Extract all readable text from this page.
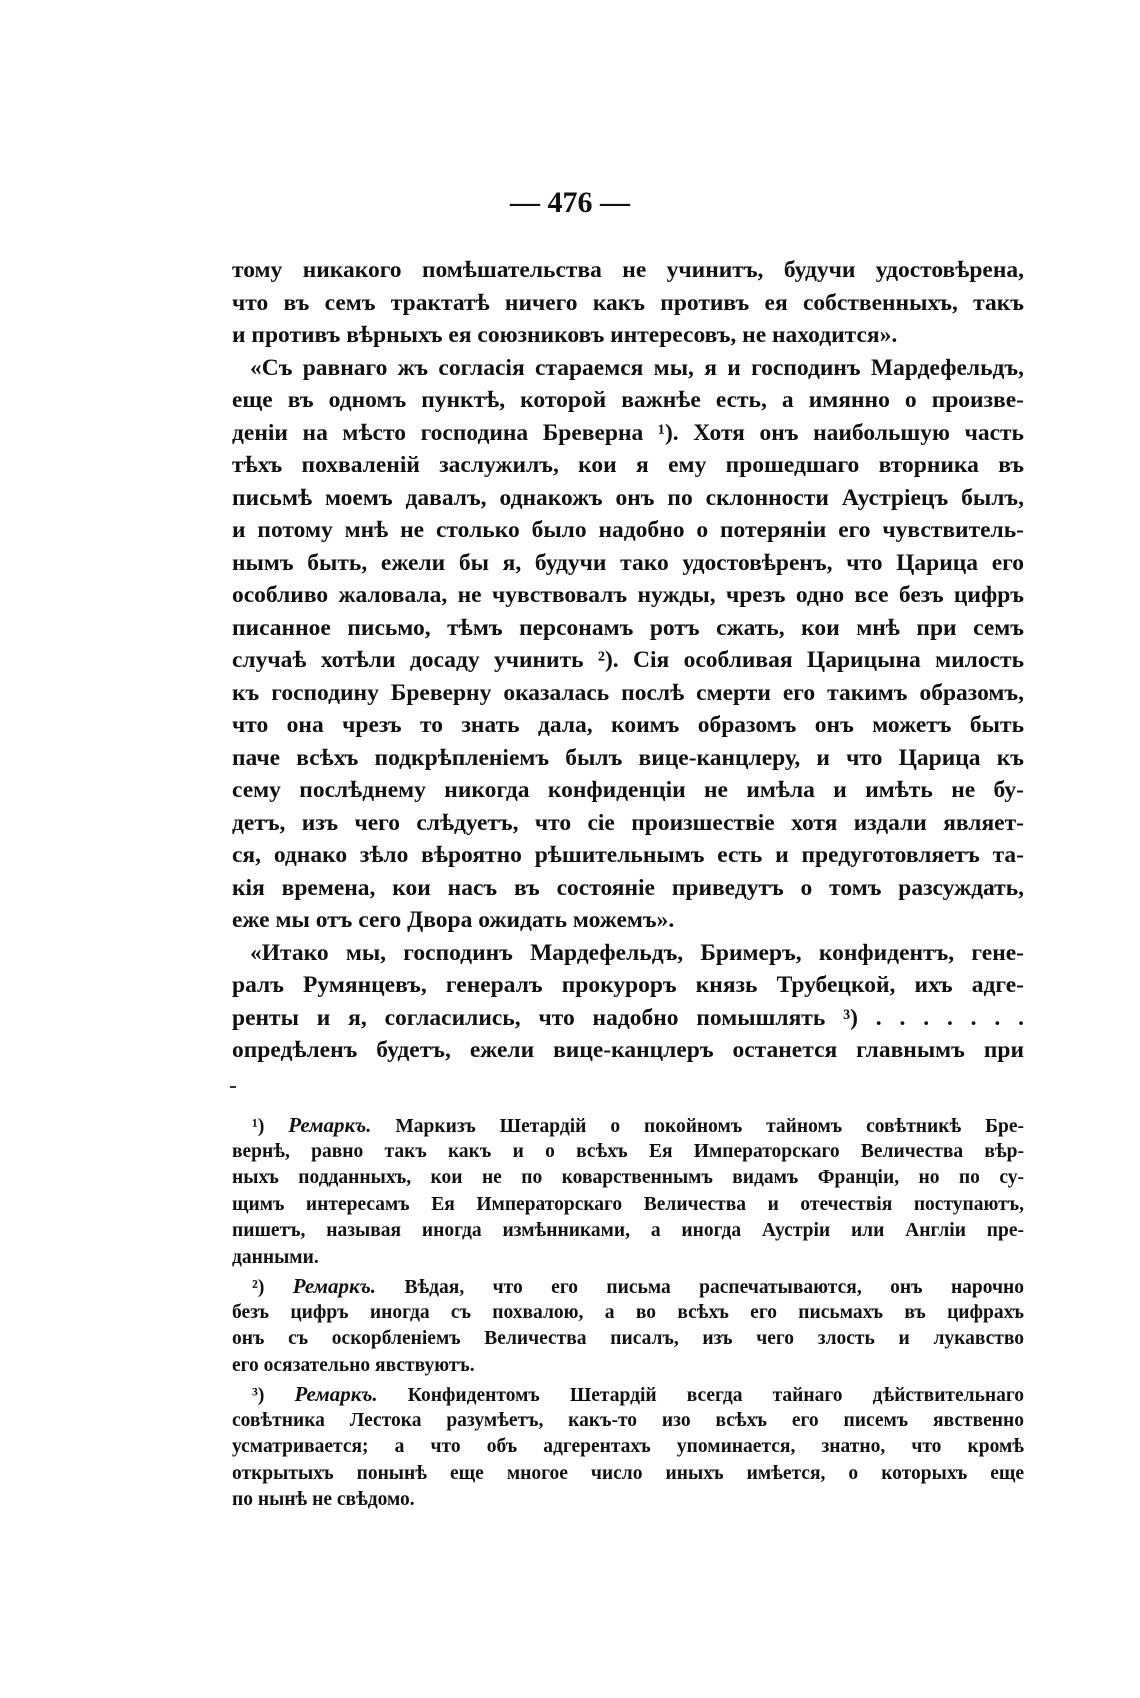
— 476 —
тому никакого помѣшательства не учинитъ, будучи удостовѣрена,
что въ семъ трактатѣ ничего какъ противъ ея собственныхъ, такъ
и противъ вѣрныхъ ея союзниковъ интересовъ, не находится».
«Съ равнаго жъ согласія стараемся мы, я и господинъ Мардефельдъ,
еще въ одномъ пунктѣ, которой важнѣе есть, а имянно о произве-
деніи на мѣсто господина Бреверна ¹). Хотя онъ наибольшую часть
тѣхъ похваленій заслужилъ, кои я ему прошедшаго вторника въ
письмѣ моемъ давалъ, однакожъ онъ по склонности Аустріецъ былъ,
и потому мнѣ не столько было надобно о потеряніи его чувствитель-
нымъ быть, ежели бы я, будучи тако удостовѣренъ, что Царица его
особливо жаловала, не чувствовалъ нужды, чрезъ одно все безъ цифръ
писанное письмо, тѣмъ персонамъ ротъ сжать, кои мнѣ при семъ
случаѣ хотѣли досаду учинить ²). Сія особливая Царицына милость
къ господину Бреверну оказалась послѣ смерти его такимъ образомъ,
что она чрезъ то знать дала, коимъ образомъ онъ можетъ быть
паче всѣхъ подкрѣпленіемъ былъ вице-канцлеру, и что Царица къ
сему послѣднему никогда конфиденціи не имѣла и имѣть не бу-
детъ, изъ чего слѣдуетъ, что сіе произшествіе хотя издали являет-
ся, однако зѣло вѣроятно рѣшительнымъ есть и предуготовляетъ та-
кія времена, кои насъ въ состояніе приведутъ о томъ разсуждать,
еже мы отъ сего Двора ожидать можемъ».
«Итако мы, господинъ Мардефельдъ, Бримеръ, конфидентъ, гене-
ралъ Румянцевъ, генералъ прокуроръ князь Трубецкой, ихъ адге-
ренты и я, согласились, что надобно помышлять ³) . . . . . . .
опредѣленъ будетъ, ежели вице-канцлеръ останется главнымъ при
¹) Ремаркъ. Маркизъ Шетардій о покойномъ тайномъ совѣтникѣ Бре-
вернѣ, равно такъ какъ и о всѣхъ Ея Императорскаго Величества вѣр-
ныхъ подданныхъ, кои не по коварственнымъ видамъ Франціи, но по су-
щимъ интересамъ Ея Императорскаго Величества и отечествія поступаютъ,
пишетъ, называя иногда измѣнниками, а иногда Аустріи или Англіи пре-
данными.
²) Ремаркъ. Вѣдая, что его письма распечатываются, онъ нарочно
безъ цифръ иногда съ похвалою, а во всѣхъ его письмахъ въ цифрахъ
онъ съ оскорбленіемъ Величества писалъ, изъ чего злость и лукавство
его осязательно явствуютъ.
³) Ремаркъ. Конфидентомъ Шетардій всегда тайнаго дѣйствительнаго
совѣтника Лестока разумѣетъ, какъ-то изо всѣхъ его писемъ явственно
усматривается; а что объ адгерентахъ упоминается, знатно, что кромѣ
открытыхъ понынѣ еще многое число иныхъ имѣется, о которыхъ еще
по нынѣ не свѣдомо.
